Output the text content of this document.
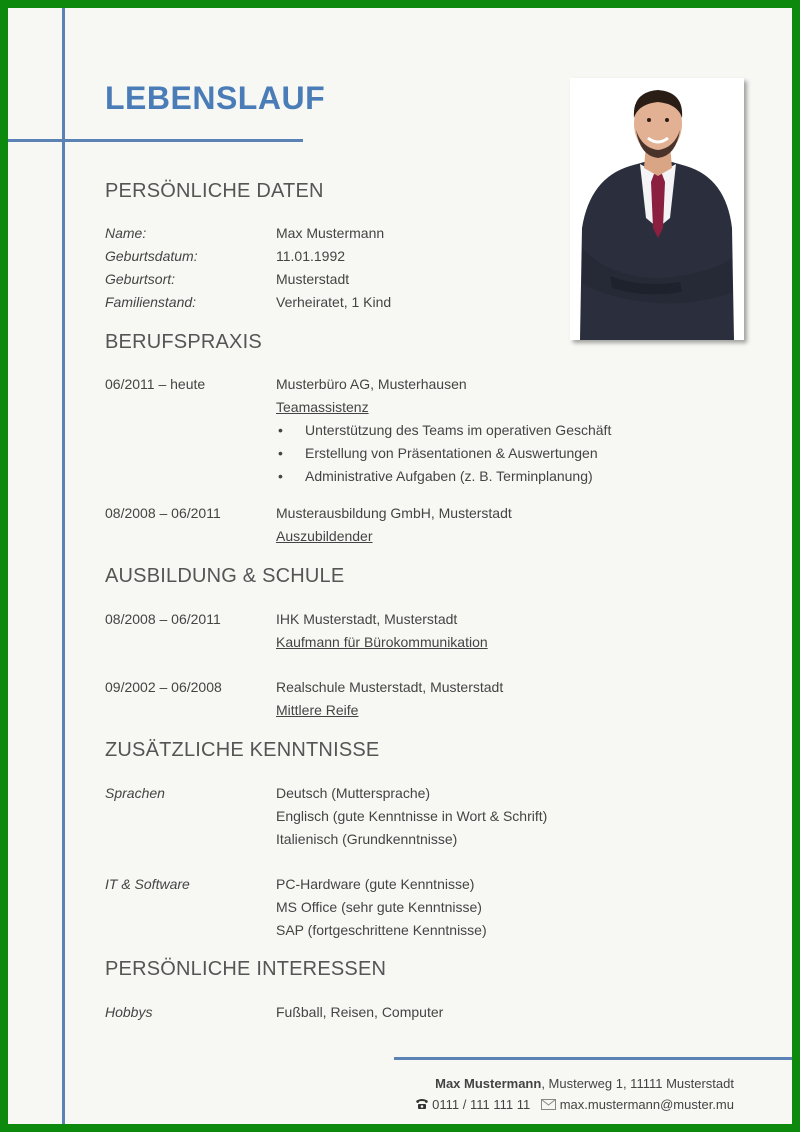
LEBENSLAUF
PERSÖNLICHE DATEN
Name:	Max Mustermann
Geburtsdatum:	11.01.1992
Geburtsort:	Musterstadt
Familienstand:	Verheiratet, 1 Kind
BERUFSPRAXIS
06/2011 – heute	Musterbüro AG, Musterhausen
Teamassistenz
• Unterstützung des Teams im operativen Geschäft
• Erstellung von Präsentationen & Auswertungen
• Administrative Aufgaben (z. B. Terminplanung)
08/2008 – 06/2011	Musterausbildung GmbH, Musterstadt
Auszubildender
AUSBILDUNG & SCHULE
08/2008 – 06/2011	IHK Musterstadt, Musterstadt
Kaufmann für Bürokommunikation
09/2002 – 06/2008	Realschule Musterstadt, Musterstadt
Mittlere Reife
ZUSÄTZLICHE KENNTNISSE
Sprachen	Deutsch (Muttersprache)
Englisch (gute Kenntnisse in Wort & Schrift)
Italienisch (Grundkenntnisse)
IT & Software	PC-Hardware (gute Kenntnisse)
MS Office (sehr gute Kenntnisse)
SAP (fortgeschrittene Kenntnisse)
PERSÖNLICHE INTERESSEN
Hobbys	Fußball, Reisen, Computer
Max Mustermann, Musterweg 1, 11111 Musterstadt
0111 / 111 111 11 max.mustermann@muster.mu
